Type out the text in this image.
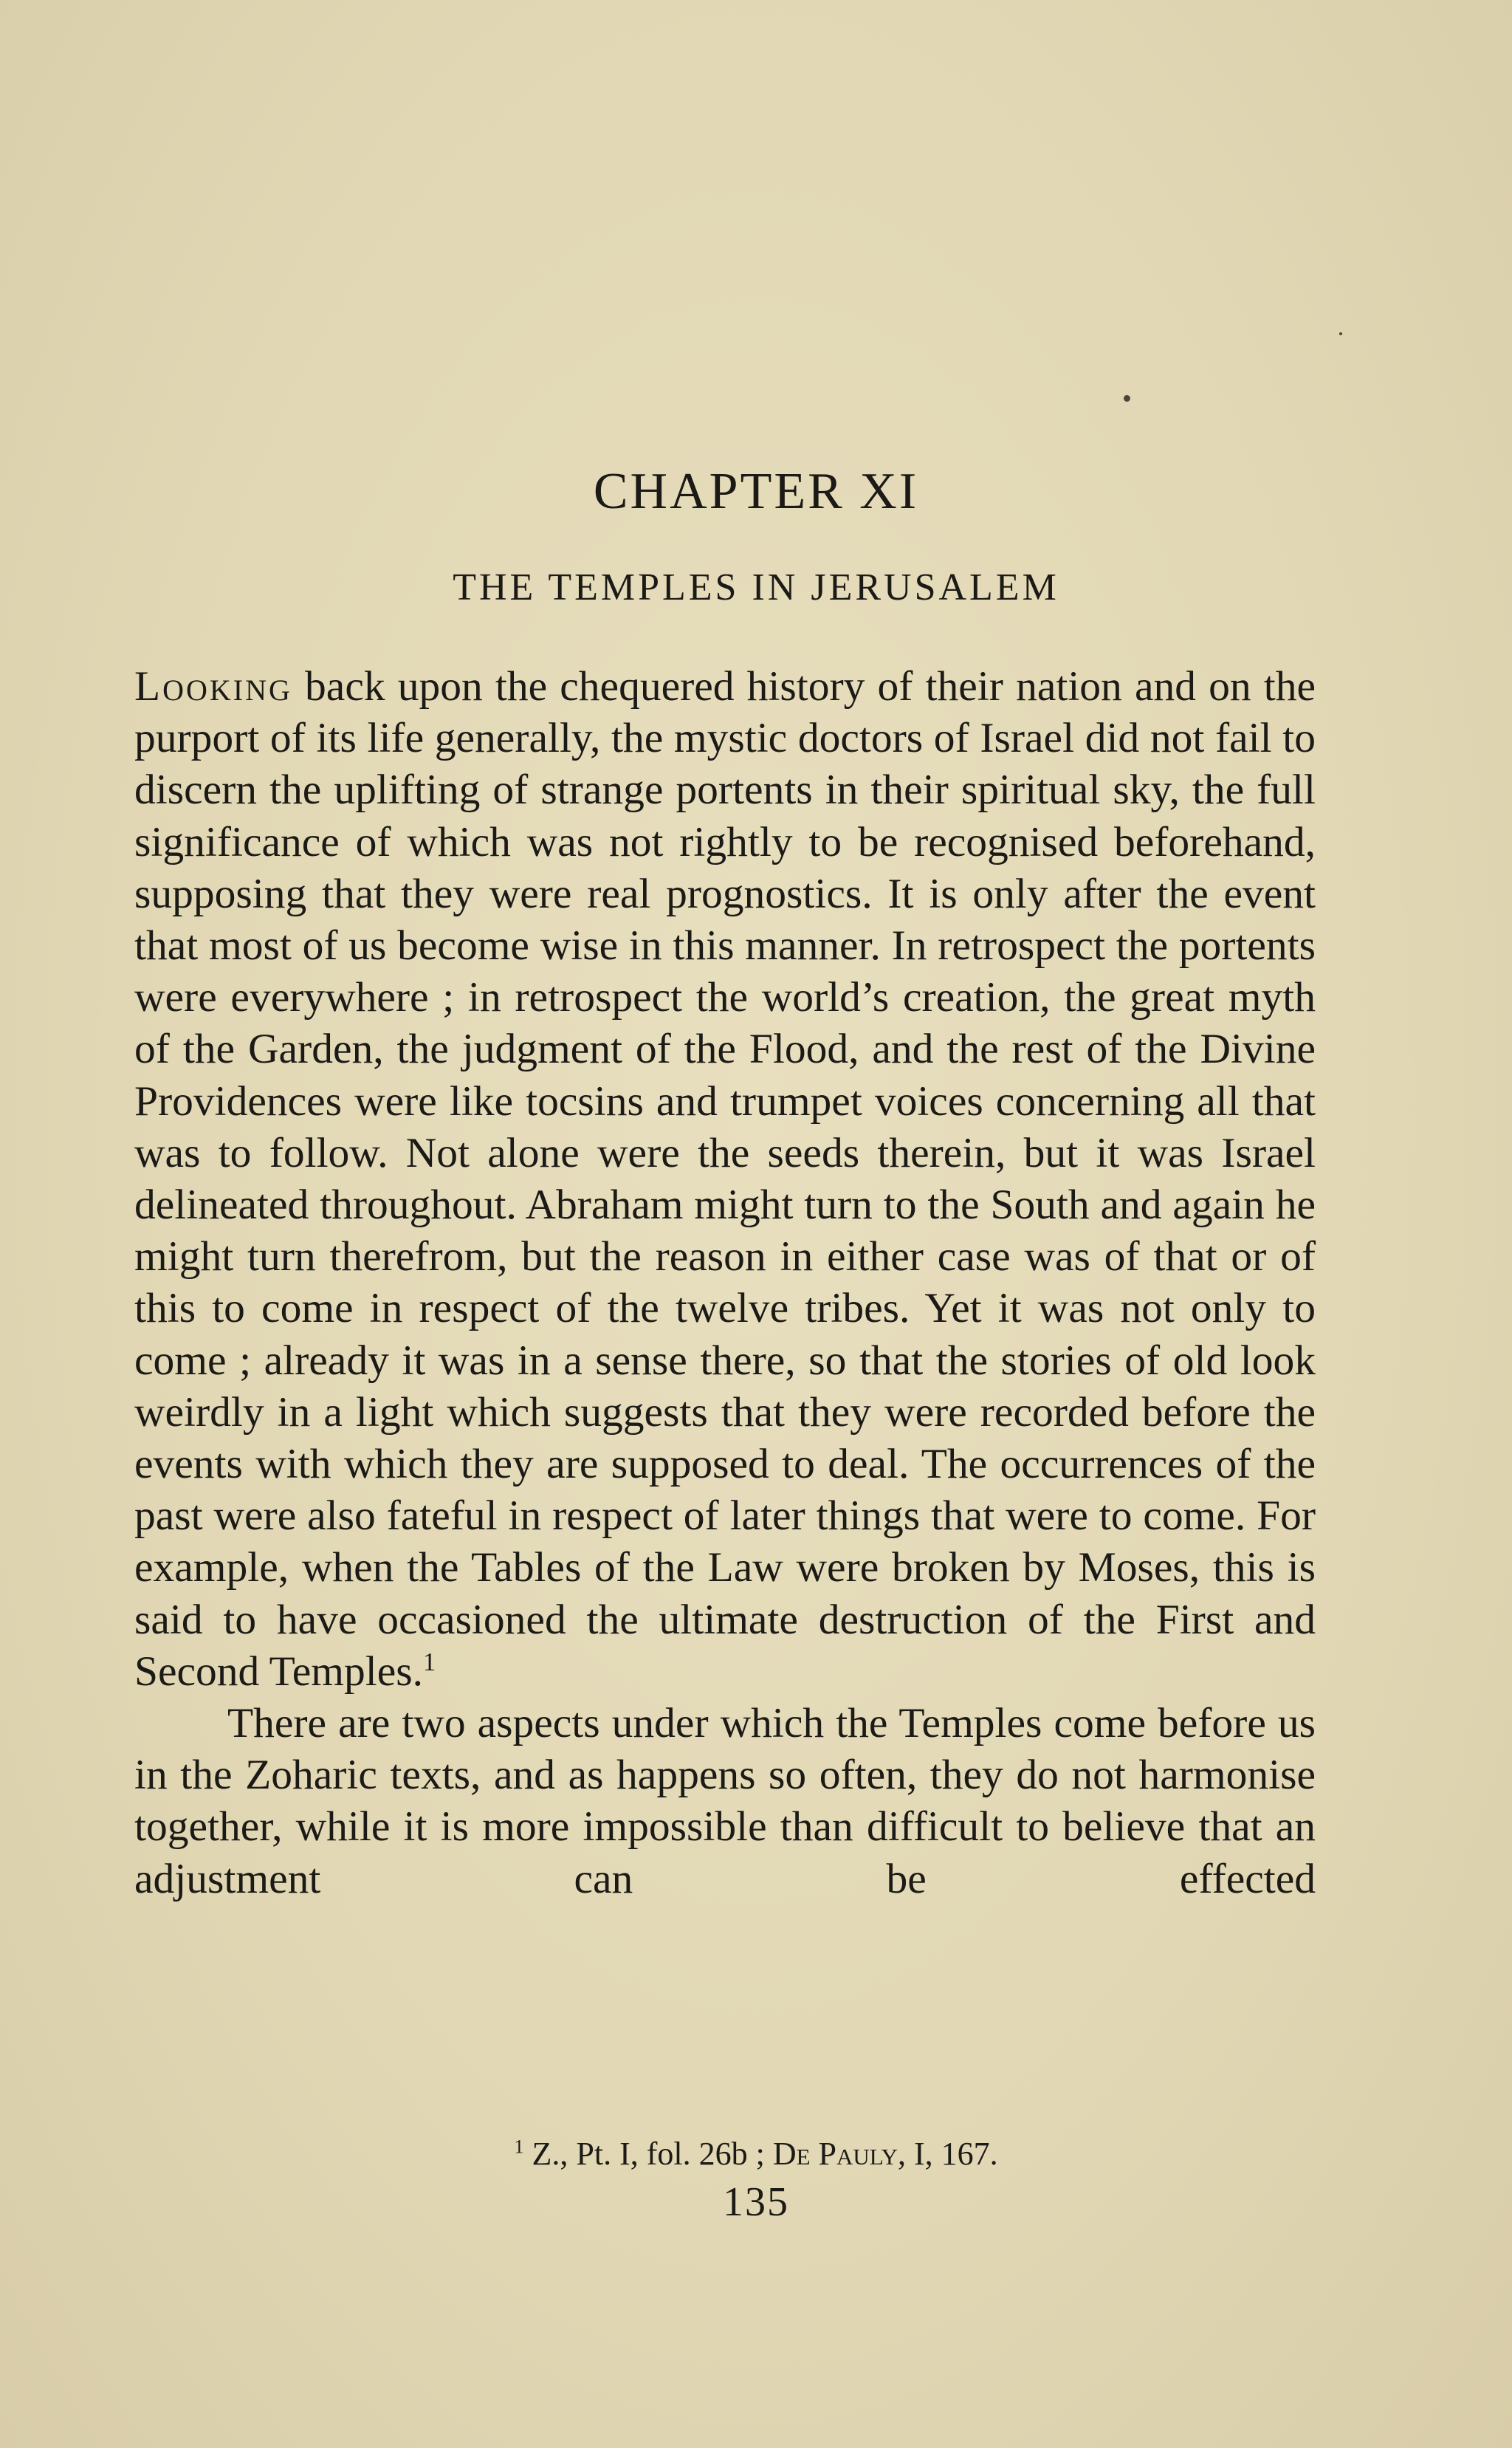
CHAPTER XI
THE TEMPLES IN JERUSALEM

Looking back upon the chequered history of their nation and on the purport of its life generally, the mystic doctors of Israel did not fail to discern the uplifting of strange portents in their spiritual sky, the full significance of which was not rightly to be recognised beforehand, supposing that they were real prognostics. It is only after the event that most of us become wise in this manner. In retrospect the portents were everywhere ; in retrospect the world’s creation, the great myth of the Garden, the judgment of the Flood, and the rest of the Divine Providences were like tocsins and trumpet voices concerning all that was to follow. Not alone were the seeds therein, but it was Israel delineated throughout. Abraham might turn to the South and again he might turn therefrom, but the reason in either case was of that or of this to come in respect of the twelve tribes. Yet it was not only to come ; already it was in a sense there, so that the stories of old look weirdly in a light which suggests that they were recorded before the events with which they are supposed to deal. The occurrences of the past were also fateful in respect of later things that were to come. For example, when the Tables of the Law were broken by Moses, this is said to have occasioned the ultimate destruction of the First and Second Temples.$^1$

There are two aspects under which the Temples come before us in the Zoharic texts, and as happens so often, they do not harmonise together, while it is more impossible than difficult to believe that an adjustment can be effected

$^1$ Z., Pt. I, fol. 26b ; De Pauly, I, 167.
135
